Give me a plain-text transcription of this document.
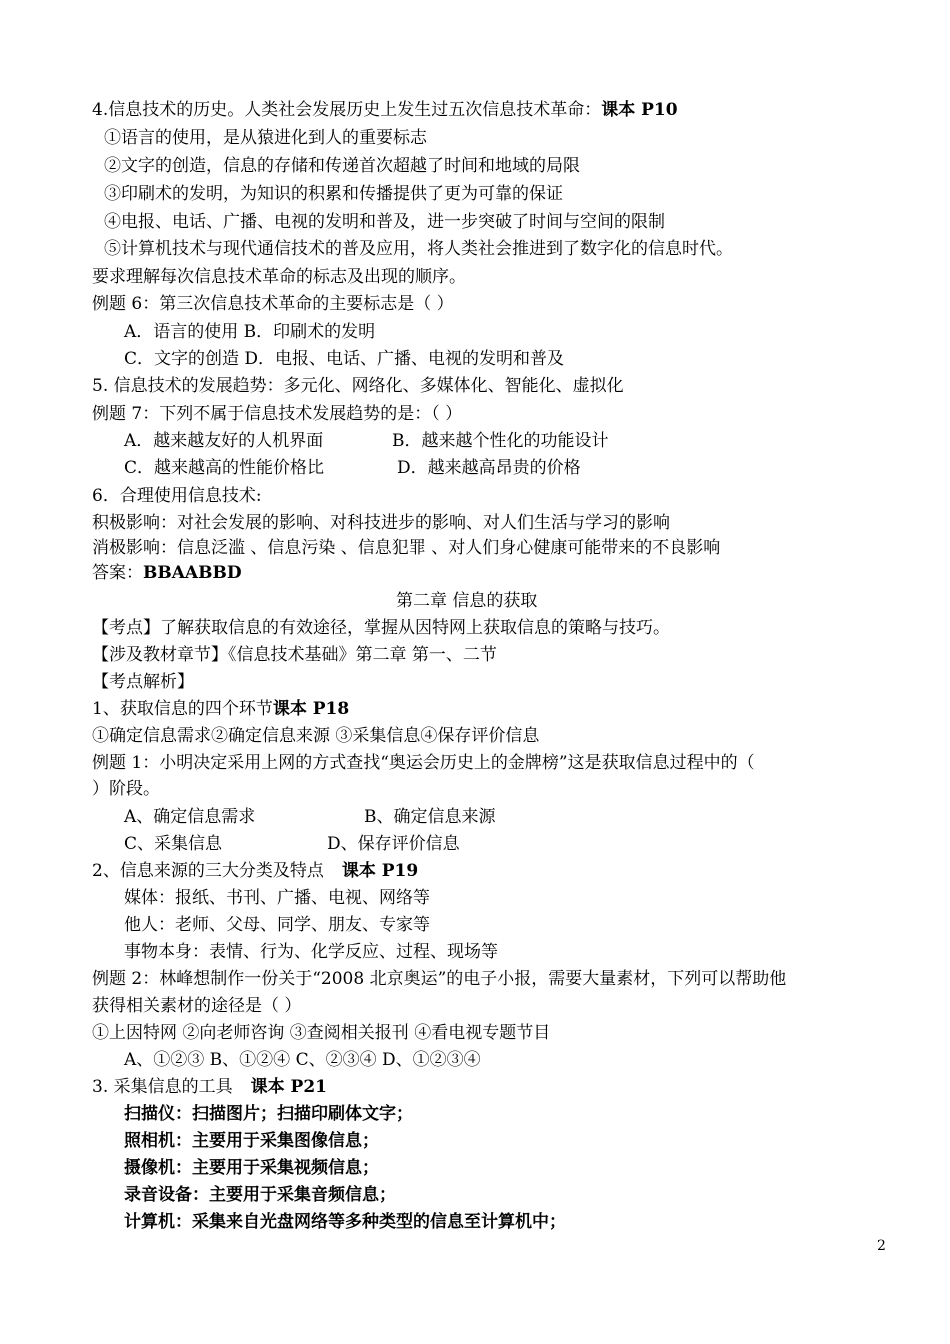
4.信息技术的历史。人类社会发展历史上发生过五次信息技术革命：课本 P10
①语言的使用，是从猿进化到人的重要标志
②文字的创造，信息的存储和传递首次超越了时间和地域的局限
③印刷术的发明，为知识的积累和传播提供了更为可靠的保证
④电报、电话、广播、电视的发明和普及，进一步突破了时间与空间的限制
⑤计算机技术与现代通信技术的普及应用，将人类社会推进到了数字化的信息时代。
要求理解每次信息技术革命的标志及出现的顺序。
例题 6：第三次信息技术革命的主要标志是（ ）
A．语言的使用 B．印刷术的发明
C．文字的创造 D．电报、电话、广播、电视的发明和普及
5. 信息技术的发展趋势：多元化、网络化、多媒体化、智能化、虚拟化
例题 7：下列不属于信息技术发展趋势的是：（ ）
A．越来越友好的人机界面	B．越来越个性化的功能设计
C．越来越高的性能价格比	D．越来越高昂贵的价格
6．合理使用信息技术:
积极影响：对社会发展的影响、对科技进步的影响、对人们生活与学习的影响
消极影响：信息泛滥 、信息污染 、信息犯罪 、对人们身心健康可能带来的不良影响
答案：BBAABBD
第二章 信息的获取
【考点】了解获取信息的有效途径，掌握从因特网上获取信息的策略与技巧。
【涉及教材章节】《信息技术基础》第二章 第一、二节
【考点解析】
1、获取信息的四个环节课本 P18
①确定信息需求②确定信息来源 ③采集信息④保存评价信息
例题 1：小明决定采用上网的方式查找“奥运会历史上的金牌榜”这是获取信息过程中的（
）阶段。
A、确定信息需求	B、确定信息来源
C、采集信息	D、保存评价信息
2、信息来源的三大分类及特点 课本 P19
媒体：报纸、书刊、广播、电视、网络等
他人：老师、父母、同学、朋友、专家等
事物本身：表情、行为、化学反应、过程、现场等
例题 2：林峰想制作一份关于“2008 北京奥运”的电子小报，需要大量素材，下列可以帮助他
获得相关素材的途径是（ ）
①上因特网 ②向老师咨询 ③查阅相关报刊 ④看电视专题节目
A、①②③ B、①②④ C、②③④ D、①②③④
3. 采集信息的工具 课本 P21
扫描仪：扫描图片；扫描印刷体文字；
照相机：主要用于采集图像信息；
摄像机：主要用于采集视频信息；
录音设备：主要用于采集音频信息；
计算机：采集来自光盘网络等多种类型的信息至计算机中；
2
